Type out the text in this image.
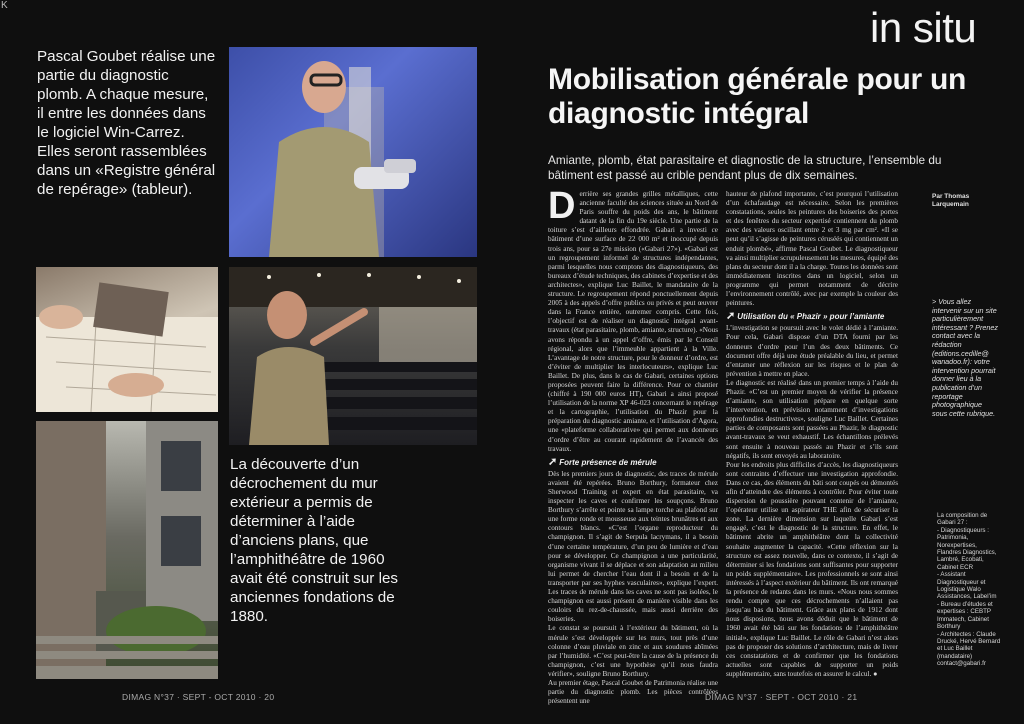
K
Pascal Goubet réalise une partie du diagnostic plomb. A chaque mesure, il entre les données dans le logiciel Win-Carrez. Elles seront rassemblées dans un «Registre général de repérage» (tableur).
La découverte d’un décrochement du mur extérieur a permis de déterminer à l’aide d’anciens plans, que l’amphithéâtre de 1960 avait été construit sur les anciennes fondations de 1880.
DIMAG N°37 · SEPT - OCT 2010 · 20
in situ
Mobilisation générale pour un diagnostic intégral
Amiante, plomb, état parasitaire et diagnostic de la structure, l’ensemble du bâtiment est passé au crible pendant plus de dix semaines.
Derrière ses grandes grilles métalliques, cette ancienne faculté des sciences située au Nord de Paris souffre du poids des ans, le bâtiment datant de la fin du 19e siècle. Une partie de la toiture s’est d’ailleurs effondrée. Gabari a investi ce bâtiment d’une surface de 22 000 m² et inoccupé depuis trois ans, pour sa 27e mission («Gabari 27»). «Gabari est un regroupement informel de structures indépendantes, parmi lesquelles nous comptons des diagnostiqueurs, des bureaux d’étude techniques, des cabinets d’expertise et des architectes», explique Luc Baillet, le mandataire de la structure. Le regroupement répond ponctuellement depuis 2005 à des appels d’offre publics ou privés et peut œuvrer dans la France entière, outremer compris. Cette fois, l’objectif est de réaliser un diagnostic intégral avant-travaux (état parasitaire, plomb, amiante, structure). «Nous avons répondu à un appel d’offre, émis par le Conseil régional, alors que l’immeuble appartient à la Ville. L’avantage de notre structure, pour le donneur d’ordre, est d’éviter de multiplier les interlocuteurs», explique Luc Baillet. De plus, dans le cas de Gabari, certaines options proposées peuvent faire la différence. Pour ce chantier (chiffré à 190 000 euros HT), Gabari a ainsi proposé l’utilisation de la norme XP 46-023 concernant le repérage et la cartographie, l’utilisation du Phazir pour la préparation du diagnostic amiante, et l’utilisation d’Agora, une «plateforme collaborative» qui permet aux donneurs d’ordre d’être au courant rapidement de l’avancée des travaux.
➚ Forte présence de mérule
Dès les premiers jours de diagnostic, des traces de mérule avaient été repérées. Bruno Borthury, formateur chez Sherwood Training et expert en état parasitaire, va inspecter les caves et confirmer les soupçons. Bruno Borthury s’arrête et pointe sa lampe torche au plafond sur une forme ronde et mousseuse aux teintes brunâtres et aux contours blancs. «C’est l’organe reproducteur du champignon. Il s’agit de Serpula lacrymans, il a besoin d’une certaine température, d’un peu de lumière et d’eau pour se développer. Ce champignon a une particularité, organisme vivant il se déplace et son adaptation au milieu lui permet de chercher l’eau dont il a besoin et de la transporter par ses hyphes vasculaires», explique l’expert. Les traces de mérule dans les caves ne sont pas isolées, le champignon est aussi présent de manière visible dans les couloirs du rez-de-chaussée, mais aussi derrière des boiseries.
Le constat se poursuit à l’extérieur du bâtiment, où la mérule s’est développée sur les murs, tout près d’une colonne d’eau pluviale en zinc et aux soudures abîmées par l’humidité. «C’est peut-être la cause de la présence du champignon, c’est une hypothèse qu’il nous faudra vérifier», souligne Bruno Borthury.
Au premier étage, Pascal Goubet de Patrimonia réalise une partie du diagnostic plomb. Les pièces contrôlées présentent une
hauteur de plafond importante, c’est pourquoi l’utilisation d’un échafaudage est nécessaire. Selon les premières constatations, seules les peintures des boiseries des portes et des fenêtres du secteur expertisé contiennent du plomb avec des valeurs oscillant entre 2 et 3 mg par cm². «Il se peut qu’il s’agisse de peintures céruséés qui contiennent un enduit plombé», affirme Pascal Goubet. Le diagnostiqueur va ainsi multiplier scrupuleusement les mesures, équipé des plans du secteur dont il a la charge. Toutes les données sont immédiatement inscrites dans un logiciel, selon un programme qui permet notamment de décrire l’environnement contrôlé, avec par exemple la couleur des peintures.
➚ Utilisation du « Phazir » pour l’amiante
L’investigation se poursuit avec le volet dédié à l’amiante. Pour cela, Gabari dispose d’un DTA fourni par les donneurs d’ordre pour l’un des deux bâtiments. Ce document offre déjà une étude préalable du lieu, et permet d’entamer une réflexion sur les risques et le plan de prévention à mettre en place.
Le diagnostic est réalisé dans un premier temps à l’aide du Phazir. «C’est un premier moyen de vérifier la présence d’amiante, son utilisation prépare en quelque sorte l’intervention, en prévision notamment d’investigations approfondies destructives», souligne Luc Baillet. Certaines parties de composants sont passées au Phazir, le diagnostic avant-travaux se veut exhaustif. Les échantillons prélevés sont ensuite à nouveau passés au Phazir et s’ils sont négatifs, ils sont envoyés au laboratoire.
Pour les endroits plus difficiles d’accès, les diagnostiqueurs sont contraints d’effectuer une investigation approfondie. Dans ce cas, des éléments du bâti sont coupés ou démontés afin d’atteindre des éléments à contrôler. Pour éviter toute dispersion de poussière pouvant contenir de l’amiante, l’opérateur utilise un aspirateur THE afin de sécuriser la zone. La dernière dimension sur laquelle Gabari s’est engagé, c’est le diagnostic de la structure. En effet, le bâtiment abrite un amphithéâtre dont la collectivité souhaite augmenter la capacité. «Cette réflexion sur la structure est assez nouvelle, dans ce contexte, il s’agit de déterminer si les fondations sont suffisantes pour supporter un poids supplémentaire». Les professionnels se sont ainsi intéressés à l’aspect extérieur du bâtiment. Ils ont remarqué la présence de redants dans les murs. «Nous nous sommes rendu compte que ces décrochements n’allaient pas jusqu’au bas du bâtiment. Grâce aux plans de 1912 dont nous disposions, nous avons déduit que le bâtiment de 1960 avait été bâti sur les fondations de l’amphithéâtre initial», explique Luc Baillet. Le rôle de Gabari n’est alors pas de proposer des solutions d’architecture, mais de livrer ces constatations et de confirmer que les fondations actuelles sont capables de supporter un poids supplémentaire, sans toutefois en assurer le calcul. ●
Par Thomas Larquemain
> Vous allez intervenir sur un site particulièrement intéressant ? Prenez contact avec la rédaction (editions.cedille@ wanadoo.fr): votre intervention pourrait donner lieu à la publication d’un reportage photographique sous cette rubrique.
La composition de Gabari 27 :
- Diagnostiqueurs : Patrimonia, Norexpertises, Flandres Diagnostics, Lambré, Ecobati, Cabinet ECR
- Assistant Diagnostiqueur et Logistique Walo Assistances, Label’im
- Bureau d’études et expertises : CEBTP Immatech, Cabinet Borthury
- Architectes : Claude Drucké, Hervé Bernard et Luc Baillet (mandataire)
contact@gabari.fr
DIMAG N°37 · SEPT - OCT 2010 · 21
